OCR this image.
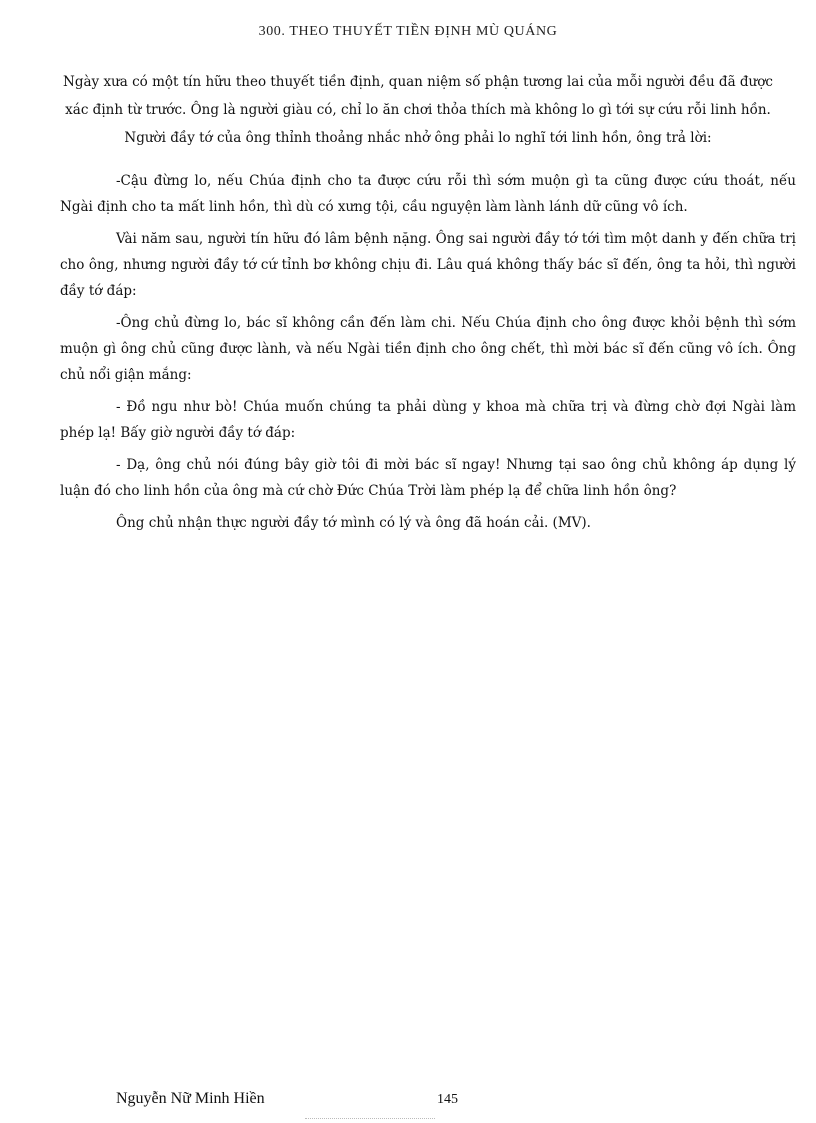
300. THEO THUYẾT TIỀN ĐỊNH MÙ QUÁNG
Ngày xưa có một tín hữu theo thuyết tiền định, quan niệm số phận tương lai của mỗi người đều đã được xác định từ trước. Ông là người giàu có, chỉ lo ăn chơi thỏa thích mà không lo gì tới sự cứu rỗi linh hồn. Người đầy tớ của ông thỉnh thoảng nhắc nhở ông phải lo nghĩ tới linh hồn, ông trả lời:

-Cậu đừng lo, nếu Chúa định cho ta được cứu rỗi thì sớm muộn gì ta cũng được cứu thoát, nếu Ngài định cho ta mất linh hồn, thì dù có xưng tội, cầu nguyện làm lành lánh dữ cũng vô ích.

Vài năm sau, người tín hữu đó lâm bệnh nặng. Ông sai người đầy tớ tới tìm một danh y đến chữa trị cho ông, nhưng người đầy tớ cứ tỉnh bơ không chịu đi. Lâu quá không thấy bác sĩ đến, ông ta hỏi, thì người đầy tớ đáp:

-Ông chủ đừng lo, bác sĩ không cần đến làm chi. Nếu Chúa định cho ông được khỏi bệnh thì sớm muộn gì ông chủ cũng được lành, và nếu Ngài tiền định cho ông chết, thì mời bác sĩ đến cũng vô ích. Ông chủ nổi giận mắng:

- Đồ ngu như bò! Chúa muốn chúng ta phải dùng y khoa mà chữa trị và đừng chờ đợi Ngài làm phép lạ! Bấy giờ người đầy tớ đáp:

- Dạ, ông chủ nói đúng bây giờ tôi đi mời bác sĩ ngay! Nhưng tại sao ông chủ không áp dụng lý luận đó cho linh hồn của ông mà cứ chờ Đức Chúa Trời làm phép lạ để chữa linh hồn ông?

Ông chủ nhận thực người đầy tớ mình có lý và ông đã hoán cải. (MV).

Nguyễn Nữ Minh Hiền	145
